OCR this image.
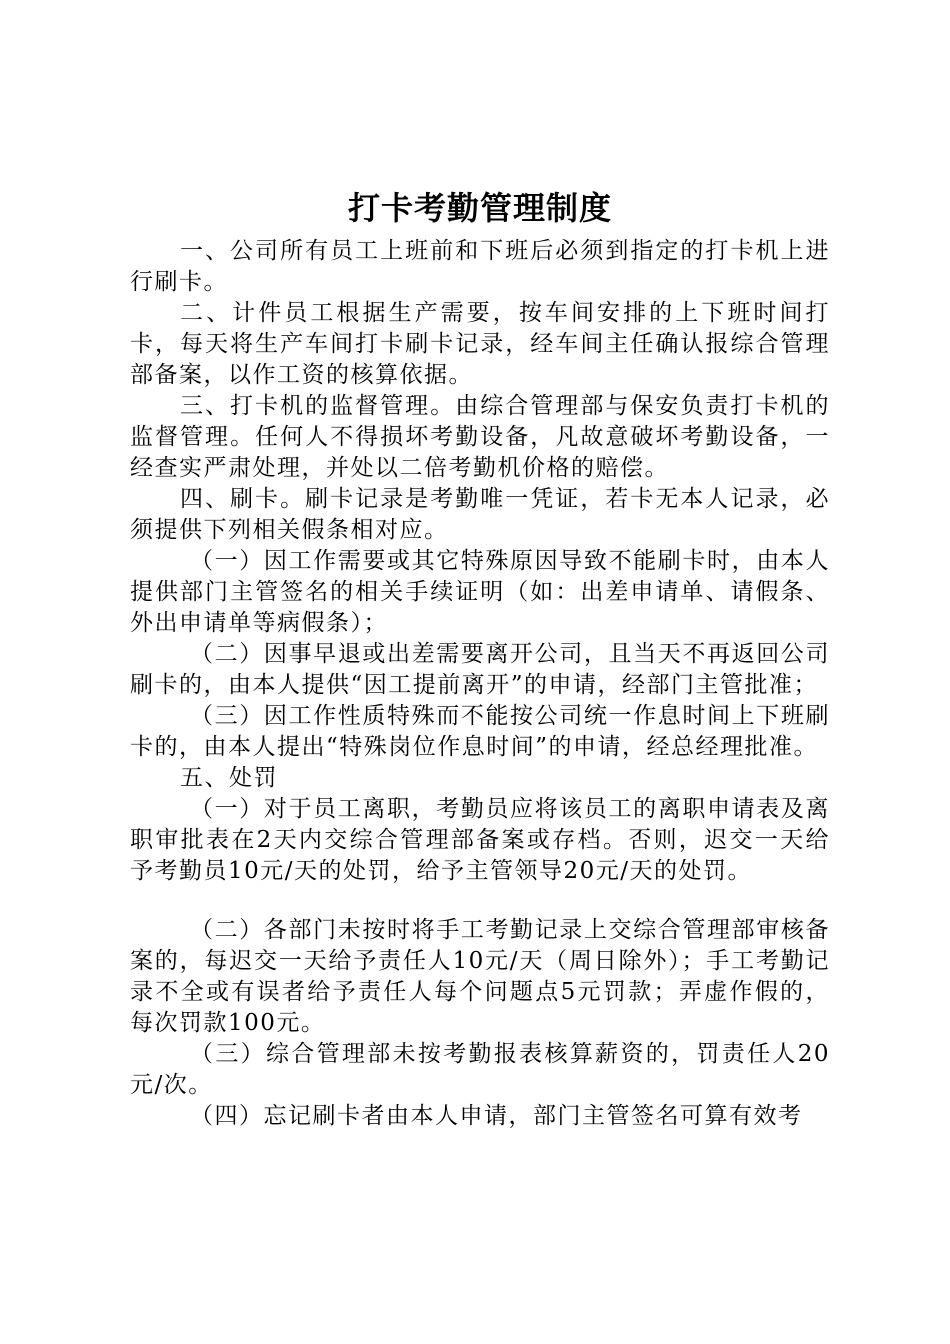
打卡考勤管理制度

一、公司所有员工上班前和下班后必须到指定的打卡机上进行刷卡。

二、计件员工根据生产需要，按车间安排的上下班时间打卡，每天将生产车间打卡刷卡记录，经车间主任确认报综合管理部备案，以作工资的核算依据。

三、打卡机的监督管理。由综合管理部与保安负责打卡机的监督管理。任何人不得损坏考勤设备，凡故意破坏考勤设备，一经查实严肃处理，并处以二倍考勤机价格的赔偿。

四、刷卡。刷卡记录是考勤唯一凭证，若卡无本人记录，必须提供下列相关假条相对应。

（一）因工作需要或其它特殊原因导致不能刷卡时，由本人提供部门主管签名的相关手续证明（如：出差申请单、请假条、外出申请单等病假条）；

（二）因事早退或出差需要离开公司，且当天不再返回公司刷卡的，由本人提供“因工提前离开”的申请，经部门主管批准；

（三）因工作性质特殊而不能按公司统一作息时间上下班刷卡的，由本人提出“特殊岗位作息时间”的申请，经总经理批准。

五、处罚

（一）对于员工离职，考勤员应将该员工的离职申请表及离职审批表在2天内交综合管理部备案或存档。否则，迟交一天给予考勤员10元/天的处罚，给予主管领导20元/天的处罚。

（二）各部门未按时将手工考勤记录上交综合管理部审核备案的，每迟交一天给予责任人10元/天（周日除外）；手工考勤记录不全或有误者给予责任人每个问题点5元罚款；弄虚作假的，每次罚款100元。

（三）综合管理部未按考勤报表核算薪资的，罚责任人20元/次。

（四）忘记刷卡者由本人申请，部门主管签名可算有效考
